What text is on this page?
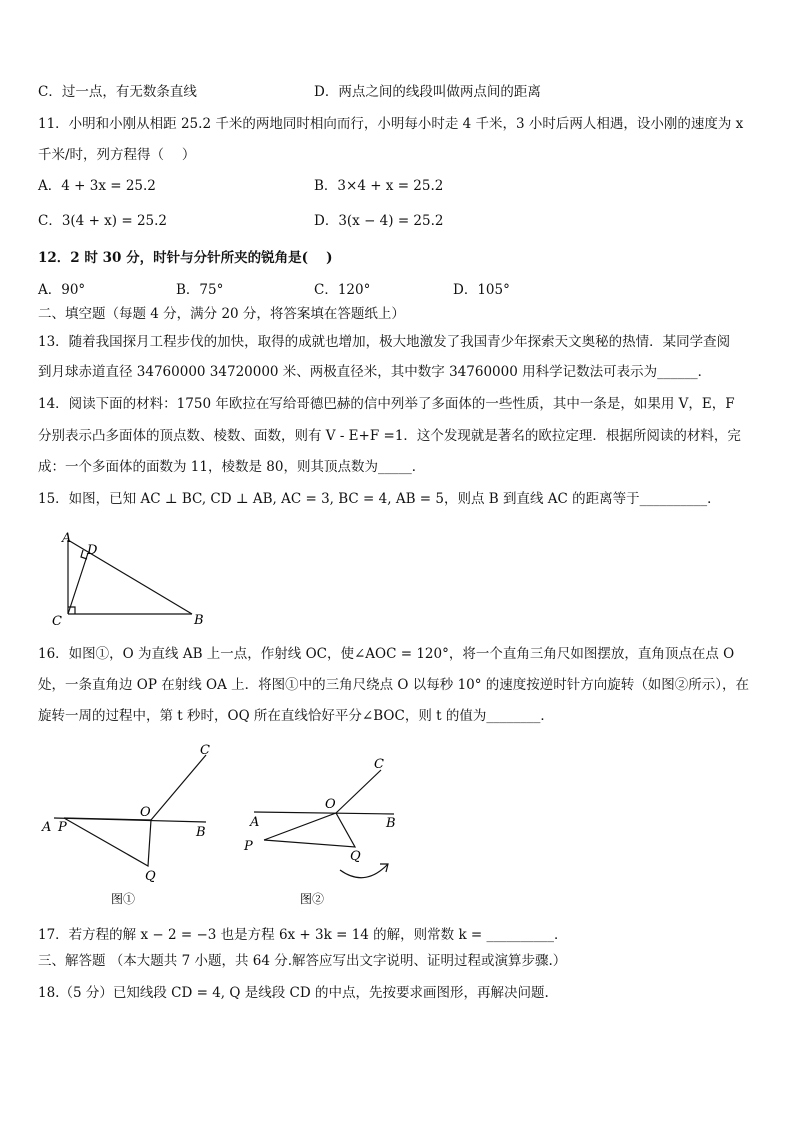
C．过一点，有无数条直线	D．两点之间的线段叫做两点间的距离
11．小明和小刚从相距 25.2 千米的两地同时相向而行，小明每小时走 4 千米，3 小时后两人相遇，设小刚的速度为 x
千米/时，列方程得（　 ）
A．4 + 3x = 25.2	B．3×4 + x = 25.2
C．3(4 + x) = 25.2	D．3(x − 4) = 25.2
12．2 时 30 分，时针与分针所夹的锐角是(　 )
A．90°	B．75°	C．120°	D．105°
二、填空题（每题 4 分，满分 20 分，将答案填在答题纸上）
13．随着我国探月工程步伐的加快，取得的成就也增加，极大地激发了我国青少年探索天文奥秘的热情．某同学查阅
到月球赤道直径 34760000 34720000 米、两极直径米，其中数字 34760000 用科学记数法可表示为______．
14．阅读下面的材料：1750 年欧拉在写给哥德巴赫的信中列举了多面体的一些性质，其中一条是，如果用 V，E，F
分别表示凸多面体的顶点数、棱数、面数，则有 V - E+F =1．这个发现就是著名的欧拉定理．根据所阅读的材料，完
成：一个多面体的面数为 11，棱数是 80，则其顶点数为_____．
15．如图，已知 AC ⊥ BC, CD ⊥ AB, AC = 3, BC = 4, AB = 5，则点 B 到直线 AC 的距离等于__________．
A
D
C	B
16．如图①，O 为直线 AB 上一点，作射线 OC，使∠AOC = 120°，将一个直角三角尺如图摆放，直角顶点在点 O
处，一条直角边 OP 在射线 OA 上．将图①中的三角尺绕点 O 以每秒 10° 的速度按逆时针方向旋转（如图②所示），在
旋转一周的过程中，第 t 秒时，OQ 所在直线恰好平分∠BOC，则 t 的值为________．
C
O
A P	B
Q
图①
C
O
A	B
P
Q
图②
17．若方程的解 x − 2 = −3 也是方程 6x + 3k = 14 的解，则常数 k = __________．
三、解答题 （本大题共 7 小题，共 64 分.解答应写出文字说明、证明过程或演算步骤.）
18.（5 分）已知线段 CD = 4, Q 是线段 CD 的中点，先按要求画图形，再解决问题.
